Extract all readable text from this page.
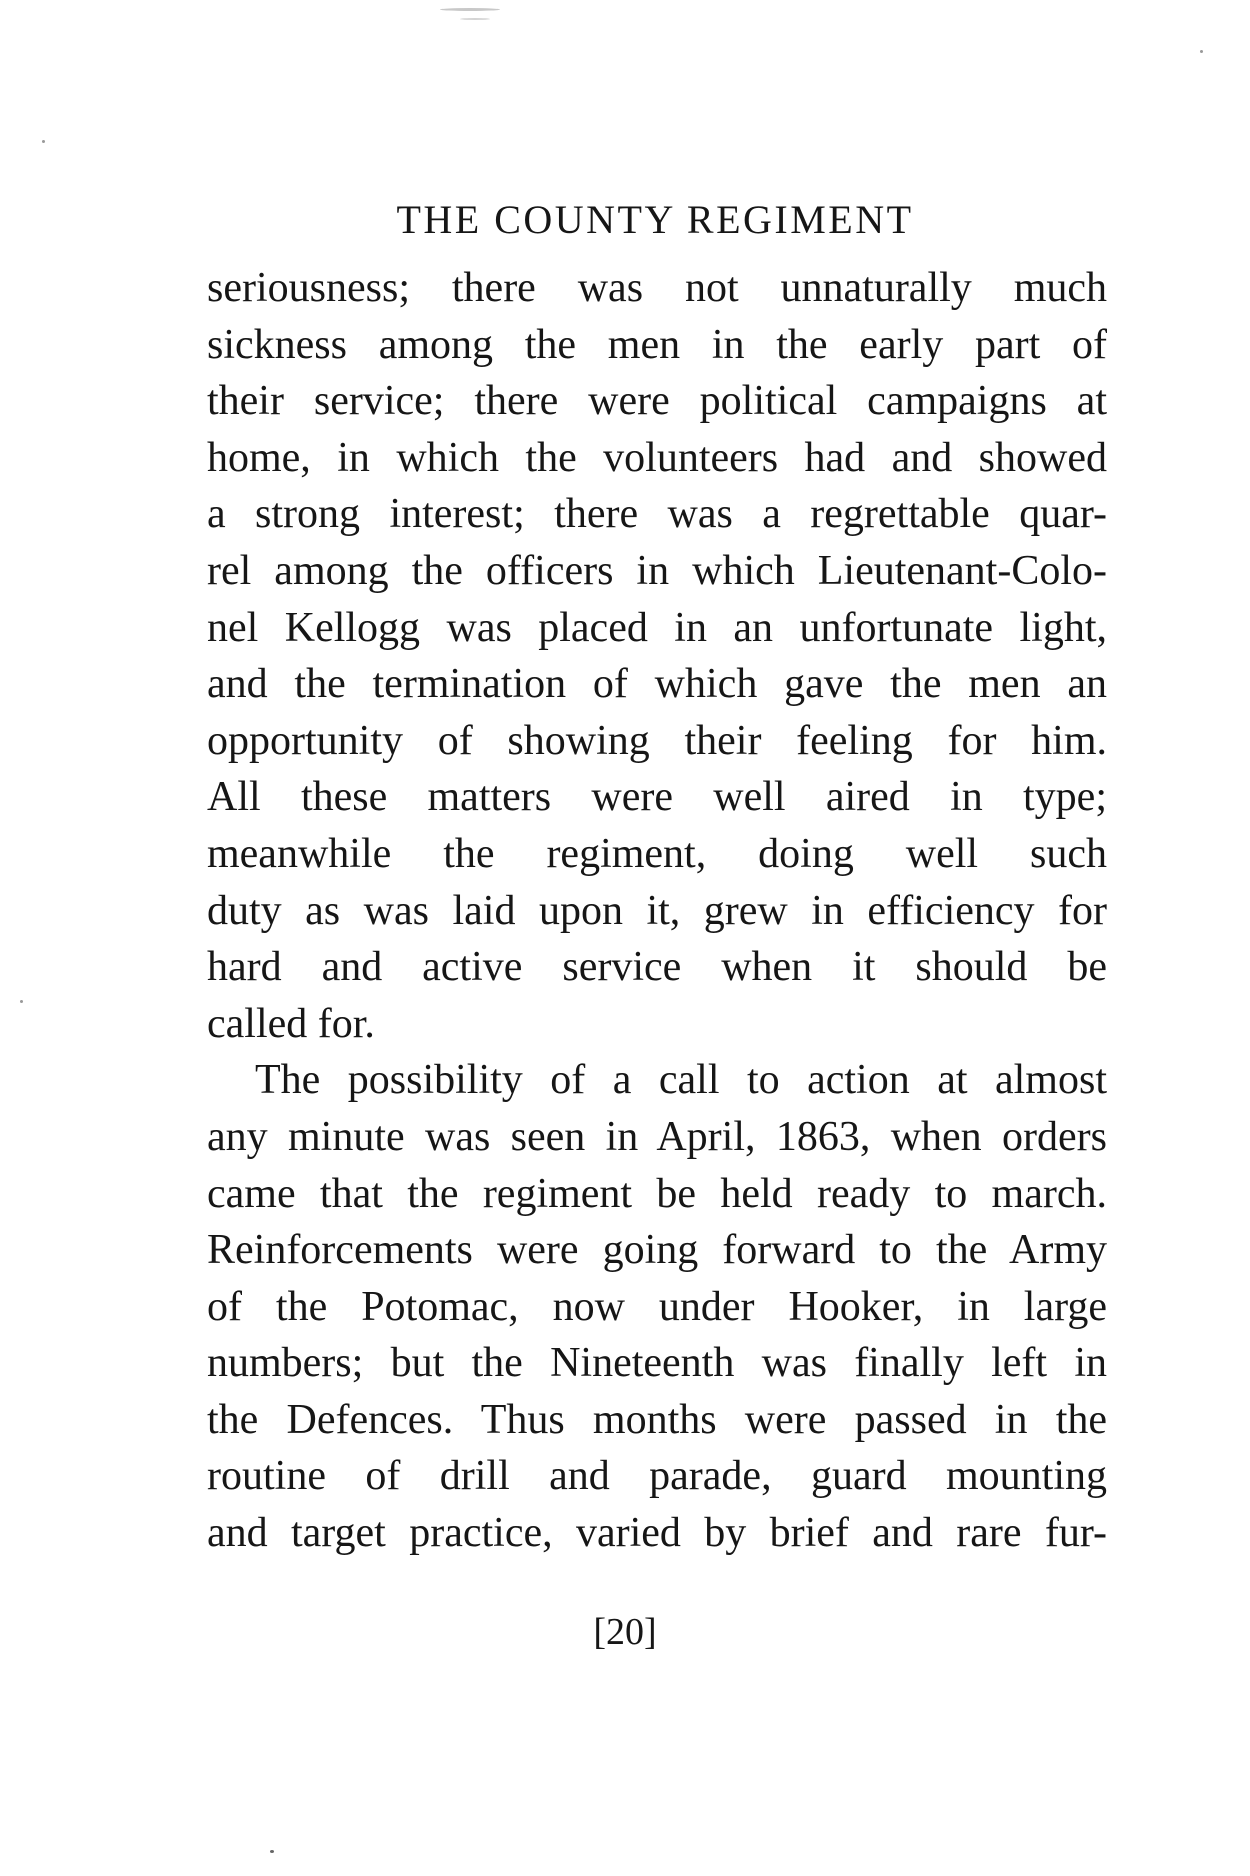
THE COUNTY REGIMENT
seriousness; there was not unnaturally much
sickness among the men in the early part of
their service; there were political campaigns at
home, in which the volunteers had and showed
a strong interest; there was a regrettable quar-
rel among the officers in which Lieutenant-Colo-
nel Kellogg was placed in an unfortunate light,
and the termination of which gave the men an
opportunity of showing their feeling for him.
All these matters were well aired in type;
meanwhile the regiment, doing well such
duty as was laid upon it, grew in efficiency for
hard and active service when it should be
called for.
The possibility of a call to action at almost
any minute was seen in April, 1863, when orders
came that the regiment be held ready to march.
Reinforcements were going forward to the Army
of the Potomac, now under Hooker, in large
numbers; but the Nineteenth was finally left in
the Defences. Thus months were passed in the
routine of drill and parade, guard mounting
and target practice, varied by brief and rare fur-
[20]
